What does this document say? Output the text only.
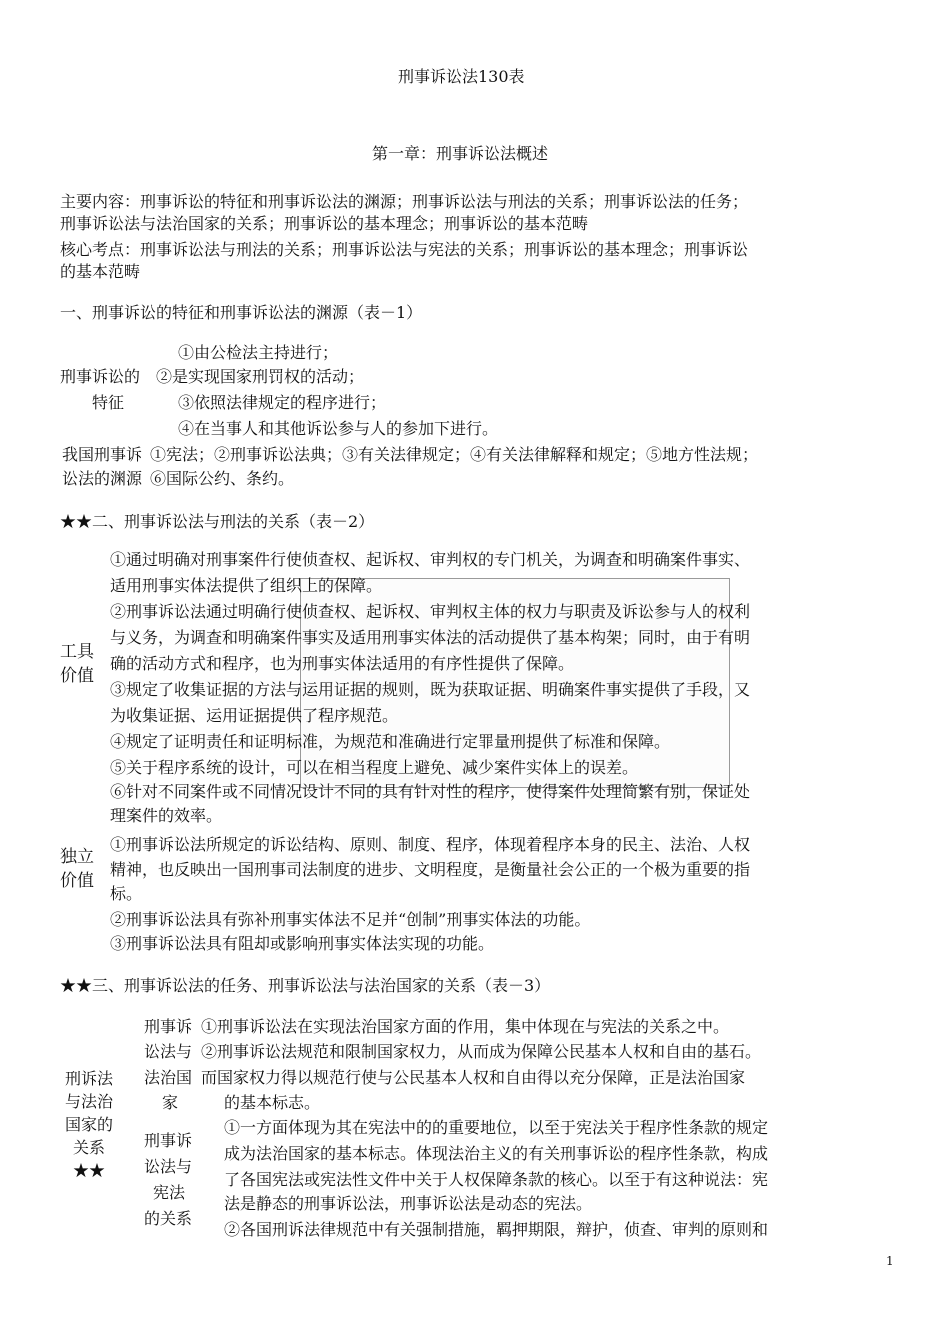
刑事诉讼法130表
第一章：刑事诉讼法概述
主要内容：刑事诉讼的特征和刑事诉讼法的渊源；刑事诉讼法与刑法的关系；刑事诉讼法的任务；
刑事诉讼法与法治国家的关系；刑事诉讼的基本理念；刑事诉讼的基本范畴
核心考点：刑事诉讼法与刑法的关系；刑事诉讼法与宪法的关系；刑事诉讼的基本理念；刑事诉讼
的基本范畴
一、刑事诉讼的特征和刑事诉讼法的渊源（表－1）
刑事诉讼的
特征
①由公检法主持进行；
②是实现国家刑罚权的活动；
③依照法律规定的程序进行；
④在当事人和其他诉讼参与人的参加下进行。
我国刑事诉
讼法的渊源
①宪法；②刑事诉讼法典；③有关法律规定；④有关法律解释和规定；⑤地方性法规；
⑥国际公约、条约。
★★二、刑事诉讼法与刑法的关系（表－2）
工具价值
①通过明确对刑事案件行使侦查权、起诉权、审判权的专门机关，为调查和明确案件事实、
适用刑事实体法提供了组织上的保障。
②刑事诉讼法通过明确行使侦查权、起诉权、审判权主体的权力与职责及诉讼参与人的权利
与义务，为调查和明确案件事实及适用刑事实体法的活动提供了基本构架；同时，由于有明
确的活动方式和程序，也为刑事实体法适用的有序性提供了保障。
③规定了收集证据的方法与运用证据的规则，既为获取证据、明确案件事实提供了手段，又
为收集证据、运用证据提供了程序规范。
④规定了证明责任和证明标准，为规范和准确进行定罪量刑提供了标准和保障。
⑤关于程序系统的设计，可以在相当程度上避免、减少案件实体上的误差。
⑥针对不同案件或不同情况设计不同的具有针对性的程序，使得案件处理简繁有别，保证处
理案件的效率。
独立价值
①刑事诉讼法所规定的诉讼结构、原则、制度、程序，体现着程序本身的民主、法治、人权
精神，也反映出一国刑事司法制度的进步、文明程度，是衡量社会公正的一个极为重要的指
标。
②刑事诉讼法具有弥补刑事实体法不足并“创制”刑事实体法的功能。
③刑事诉讼法具有阻却或影响刑事实体法实现的功能。
★★三、刑事诉讼法的任务、刑事诉讼法与法治国家的关系（表－3）
刑诉法与法治国家的关系★★
刑事诉
讼法与
法治国
家
①刑事诉讼法在实现法治国家方面的作用，集中体现在与宪法的关系之中。
②刑事诉讼法规范和限制国家权力，从而成为保障公民基本人权和自由的基石。
而国家权力得以规范行使与公民基本人权和自由得以充分保障，正是法治国家
的基本标志。
刑事诉
讼法与
宪法
的关系
①一方面体现为其在宪法中的的重要地位，以至于宪法关于程序性条款的规定
成为法治国家的基本标志。体现法治主义的有关刑事诉讼的程序性条款，构成
了各国宪法或宪法性文件中关于人权保障条款的核心。以至于有这种说法：宪
法是静态的刑事诉讼法，刑事诉讼法是动态的宪法。
②各国刑诉法律规范中有关强制措施，羁押期限，辩护，侦查、审判的原则和
1
